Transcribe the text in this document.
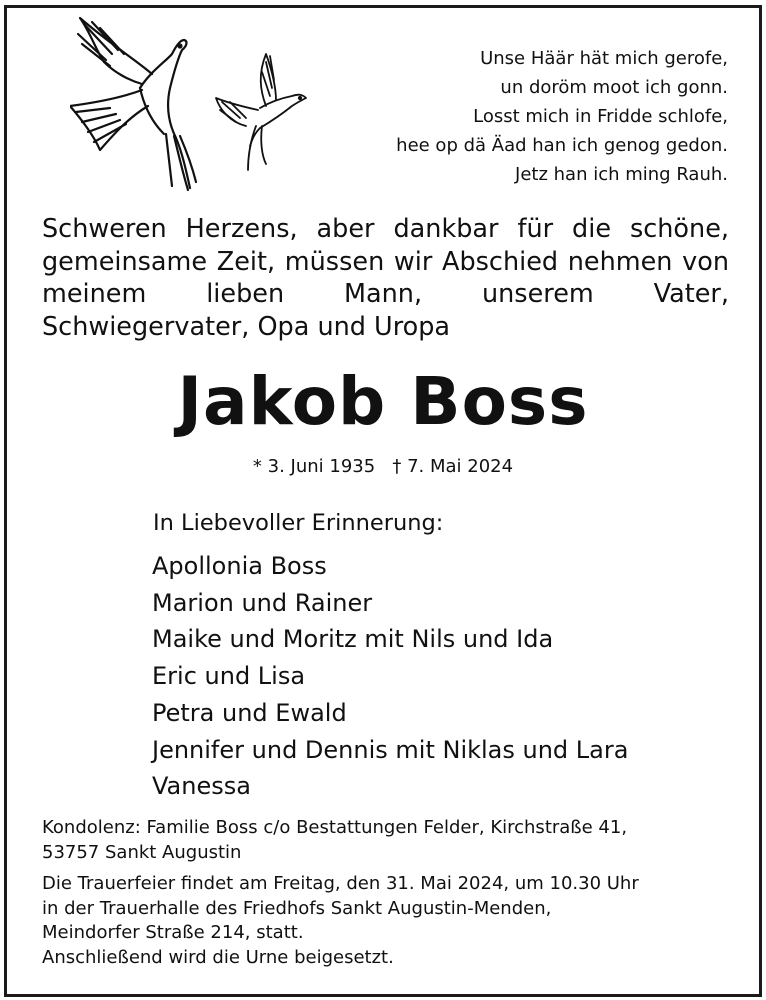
Unse Häär hät mich gerofe,
un doröm moot ich gonn.
Losst mich in Fridde schlofe,
hee op dä Äad han ich genog gedon.
Jetz han ich ming Rauh.
Schweren Herzens, aber dankbar für die schöne, gemeinsame Zeit, müssen wir Abschied nehmen von meinem lieben Mann, unserem Vater, Schwiegervater, Opa und Uropa
Jakob Boss
* 3. Juni 1935   † 7. Mai 2024
In Liebevoller Erinnerung:
Apollonia Boss
Marion und Rainer
Maike und Moritz mit Nils und Ida
Eric und Lisa
Petra und Ewald
Jennifer und Dennis mit Niklas und Lara
Vanessa
Kondolenz: Familie Boss c/o Bestattungen Felder, Kirchstraße 41,
53757 Sankt Augustin
Die Trauerfeier findet am Freitag, den 31. Mai 2024, um 10.30 Uhr
in der Trauerhalle des Friedhofs Sankt Augustin-Menden,
Meindorfer Straße 214, statt.
Anschließend wird die Urne beigesetzt.
